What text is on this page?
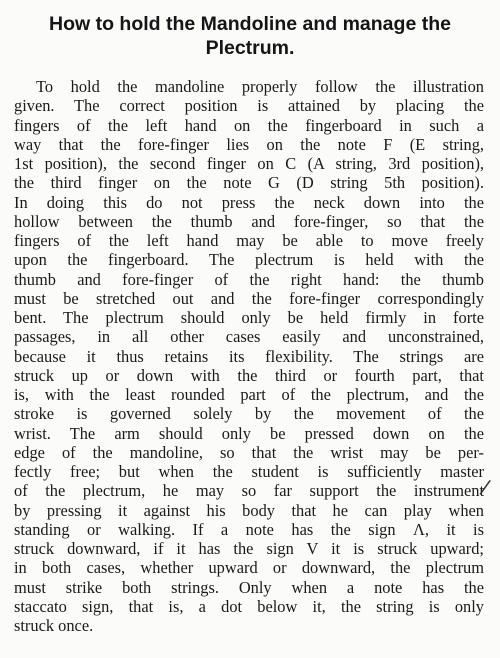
How to hold the Mandoline and manage the
Plectrum.
To hold the mandoline properly follow the illustration
given. The correct position is attained by placing the
fingers of the left hand on the fingerboard in such a
way that the fore-finger lies on the note F (E string,
1st position), the second finger on C (A string, 3rd position),
the third finger on the note G (D string 5th position).
In doing this do not press the neck down into the
hollow between the thumb and fore-finger, so that the
fingers of the left hand may be able to move freely
upon the fingerboard. The plectrum is held with the
thumb and fore-finger of the right hand: the thumb
must be stretched out and the fore-finger correspondingly
bent. The plectrum should only be held firmly in forte
passages, in all other cases easily and unconstrained,
because it thus retains its flexibility. The strings are
struck up or down with the third or fourth part, that
is, with the least rounded part of the plectrum, and the
stroke is governed solely by the movement of the
wrist. The arm should only be pressed down on the
edge of the mandoline, so that the wrist may be per-
fectly free; but when the student is sufficiently master
of the plectrum, he may so far support the instrument
by pressing it against his body that he can play when
standing or walking. If a note has the sign Λ, it is
struck downward, if it has the sign V it is struck upward;
in both cases, whether upward or downward, the plectrum
must strike both strings. Only when a note has the
staccato sign, that is, a dot below it, the string is only
struck once.
/
